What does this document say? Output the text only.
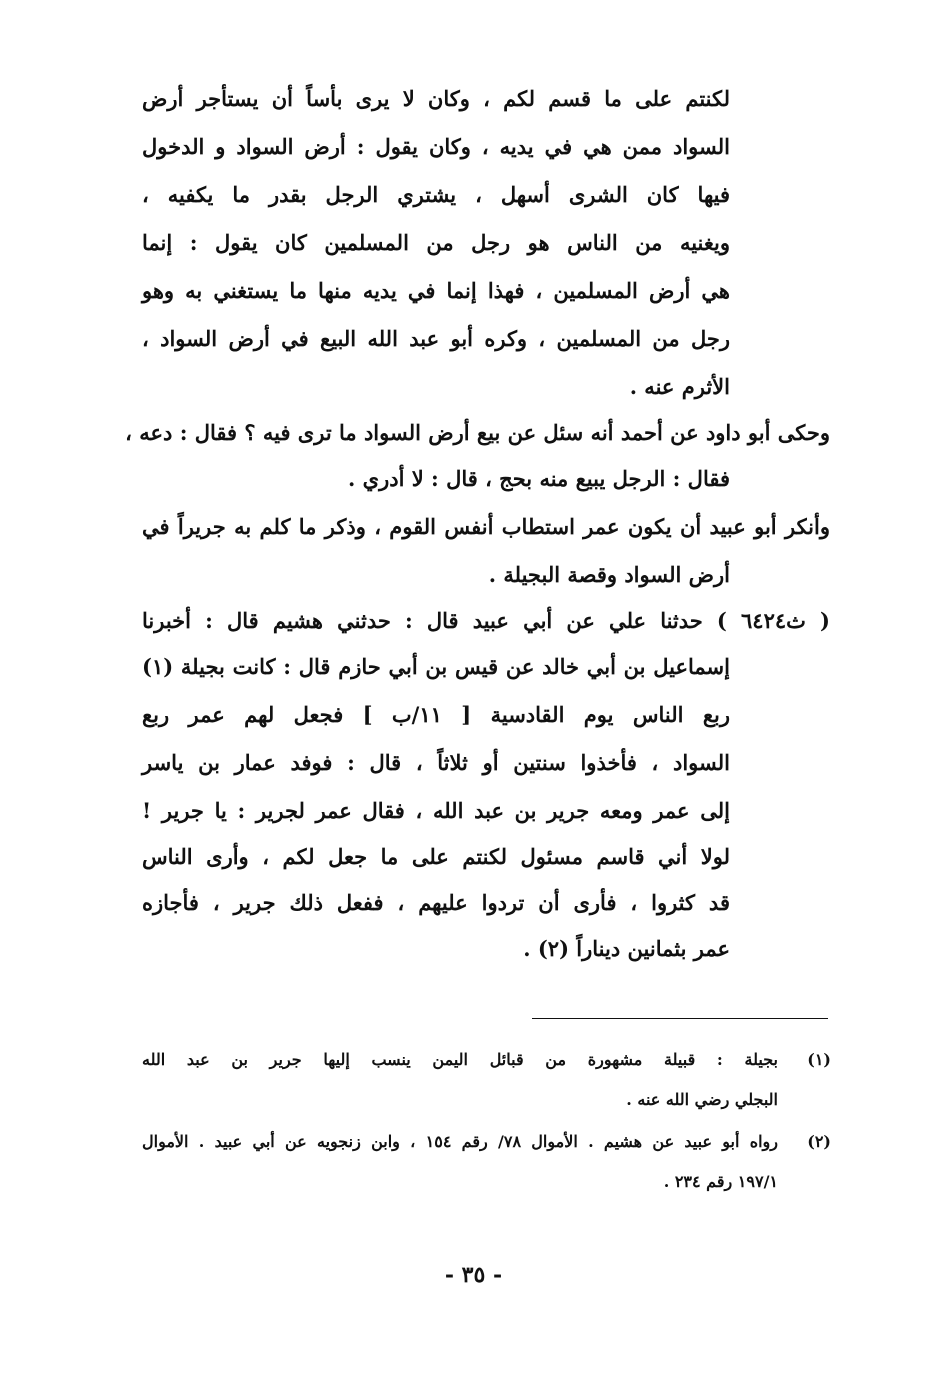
لكنتم على ما قسم لكم ، وكان لا يرى بأساً أن يستأجر أرض
السواد ممن هي في يديه ، وكان يقول : أرض السواد و الدخول
فيها كان الشرى أسهل ، يشتري الرجل بقدر ما يكفيه ،
ويغنيه من الناس هو رجل من المسلمين كان يقول : إنما
هي أرض المسلمين ، فهذا إنما في يديه منها ما يستغني به وهو
رجل من المسلمين ، وكره أبو عبد الله البيع في أرض السواد ،
الأثرم عنه .
وحكى أبو داود عن أحمد أنه سئل عن بيع أرض السواد ما ترى فيه ؟ فقال : دعه ،
فقال : الرجل يبيع منه بحج ، قال : لا أدري .
وأنكر أبو عبيد أن يكون عمر استطاب أنفس القوم ، وذكر ما كلم به جريراً في
أرض السواد وقصة البجيلة .
( ث٦٤٢٤ ) حدثنا علي عن أبي عبيد قال : حدثني هشيم قال : أخبرنا
إسماعيل بن أبي خالد عن قيس بن أبي حازم قال : كانت بجيلة (١)
ربع الناس يوم القادسية [ ١١/ب ] فجعل لهم عمر ربع
السواد ، فأخذوا سنتين أو ثلاثاً ، قال : فوفد عمار بن ياسر
إلى عمر ومعه جرير بن عبد الله ، فقال عمر لجرير : يا جرير !
لولا أني قاسم مسئول لكنتم على ما جعل لكم ، وأرى الناس
قد كثروا ، فأرى أن تردوا عليهم ، ففعل ذلك جرير ، فأجازه
عمر بثمانين ديناراً (٢) .
(١)
بجيلة : قبيلة مشهورة من قبائل اليمن ينسب إليها جرير بن عبد الله
البجلي رضي الله عنه .
(٢)
رواه أبو عبيد عن هشيم . الأموال ٧٨/ رقم ١٥٤ ، وابن زنجويه عن أبي عبيد . الأموال
١٩٧/١ رقم ٢٣٤ .
- ٣٥ -
